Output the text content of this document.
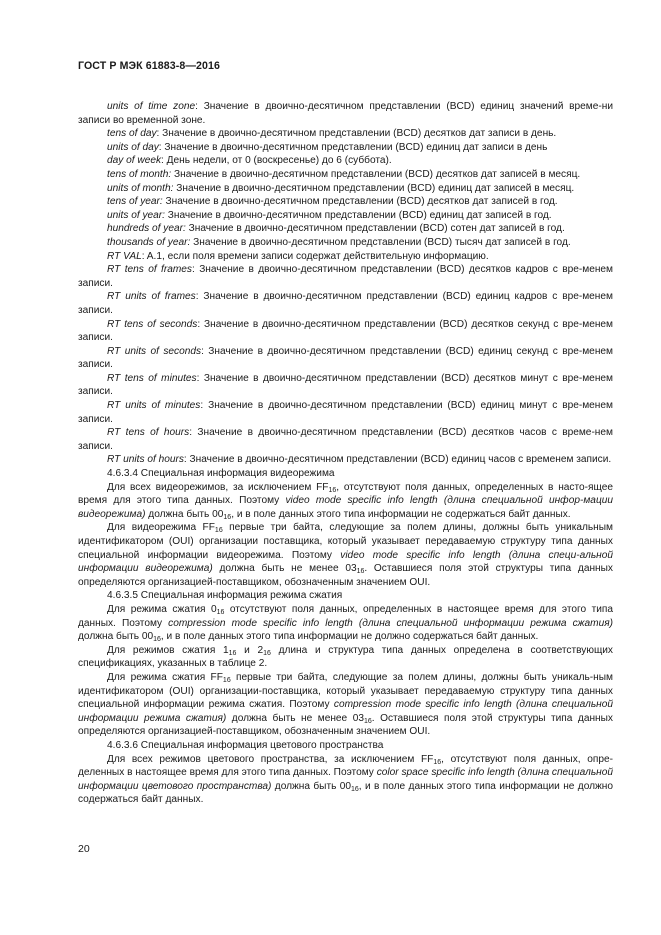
ГОСТ Р МЭК 61883-8—2016

units of time zone: Значение в двоично-десятичном представлении (BCD) единиц значений време-ни записи во временной зоне.

tens of day: Значение в двоично-десятичном представлении (BCD) десятков дат записи в день.

units of day: Значение в двоично-десятичном представлении (BCD) единиц дат записи в день

day of week: День недели, от 0 (воскресенье) до 6 (суббота).

tens of month: Значение в двоично-десятичном представлении (BCD) десятков дат записей в месяц.

units of month: Значение в двоично-десятичном представлении (BCD) единиц дат записей в месяц.

tens of year: Значение в двоично-десятичном представлении (BCD) десятков дат записей в год.

units of year: Значение в двоично-десятичном представлении (BCD) единиц дат записей в год.

hundreds of year: Значение в двоично-десятичном представлении (BCD) сотен дат записей в год.

thousands of year: Значение в двоично-десятичном представлении (BCD) тысяч дат записей в год.

RT VAL: A.1, если поля времени записи содержат действительную информацию.

RT tens of frames: Значение в двоично-десятичном представлении (BCD) десятков кадров с вре-менем записи.

RT units of frames: Значение в двоично-десятичном представлении (BCD) единиц кадров с вре-менем записи.

RT tens of seconds: Значение в двоично-десятичном представлении (BCD) десятков секунд с вре-менем записи.

RT units of seconds: Значение в двоично-десятичном представлении (BCD) единиц секунд с вре-менем записи.

RT tens of minutes: Значение в двоично-десятичном представлении (BCD) десятков минут с вре-менем записи.

RT units of minutes: Значение в двоично-десятичном представлении (BCD) единиц минут с вре-менем записи.

RT tens of hours: Значение в двоично-десятичном представлении (BCD) десятков часов с време-нем записи.

RT units of hours: Значение в двоично-десятичном представлении (BCD) единиц часов с временем записи.

4.6.3.4 Специальная информация видеорежима

Для всех видеорежимов, за исключением $FF_{16}$, отсутствуют поля данных, определенных в насто-ящее время для этого типа данных. Поэтому video mode specific info length (длина специальной инфор-мации видеорежима) должна быть $00_{16}$, и в поле данных этого типа информации не содержаться байт данных.

Для видеорежима $FF_{16}$ первые три байта, следующие за полем длины, должны быть уникальным идентификатором (OUI) организации поставщика, который указывает передаваемую структуру типа данных специальной информации видеорежима. Поэтому video mode specific info length (длина специ-альной информации видеорежима) должна быть не менее $03_{16}$. Оставшиеся поля этой структуры типа данных определяются организацией-поставщиком, обозначенным значением OUI.

4.6.3.5 Специальная информация режима сжатия

Для режима сжатия $0_{16}$ отсутствуют поля данных, определенных в настоящее время для этого типа данных. Поэтому compression mode specific info length (длина специальной информации режима сжатия) должна быть $00_{16}$, и в поле данных этого типа информации не должно содержаться байт данных.

Для режимов сжатия $1_{16}$ и $2_{16}$ длина и структура типа данных определена в соответствующих спецификациях, указанных в таблице 2.

Для режима сжатия $FF_{16}$ первые три байта, следующие за полем длины, должны быть уникаль-ным идентификатором (OUI) организации-поставщика, который указывает передаваемую структуру типа данных специальной информации режима сжатия. Поэтому compression mode specific info length (длина специальной информации режима сжатия) должна быть не менее $03_{16}$. Оставшиеся поля этой структуры типа данных определяются организацией-поставщиком, обозначенным значением OUI.

4.6.3.6 Специальная информация цветового пространства

Для всех режимов цветового пространства, за исключением $FF_{16}$, отсутствуют поля данных, опре-деленных в настоящее время для этого типа данных. Поэтому color space specific info length (длина специальной информации цветового пространства) должна быть $00_{16}$, и в поле данных этого типа информации не должно содержаться байт данных.

20
